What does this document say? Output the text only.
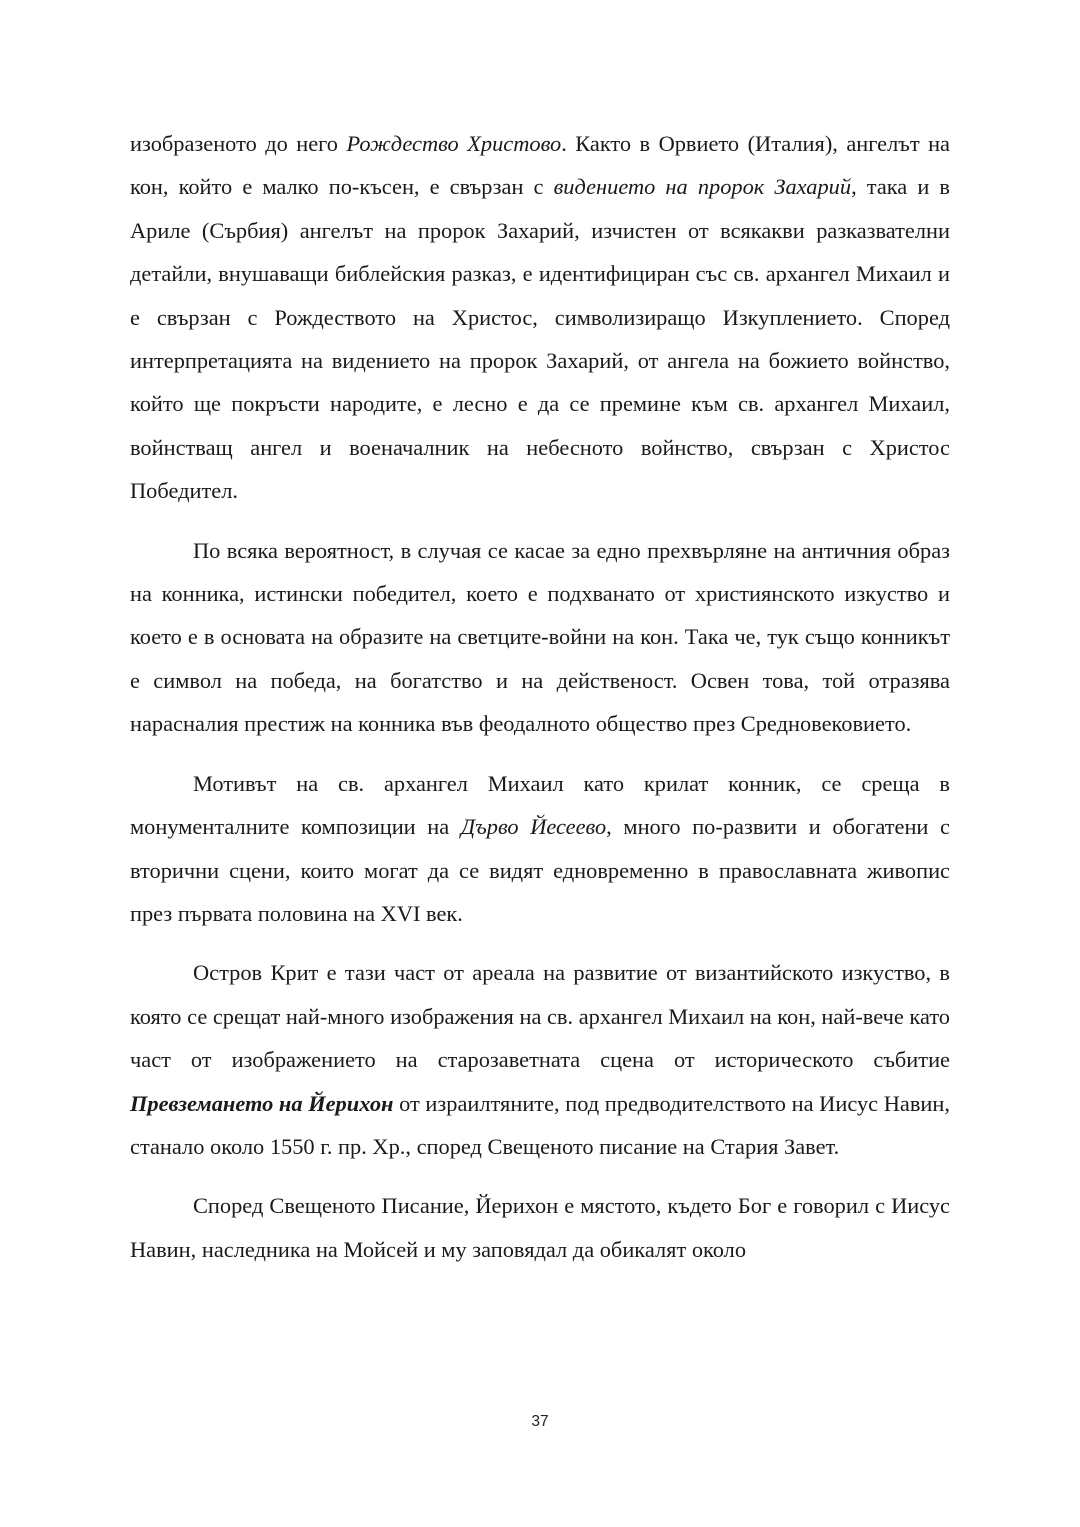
изобразеното до него Рождество Христово. Както в Орвието (Италия), ангелът на кон, който е малко по-късен, е свързан с видението на пророк Захарий, така и в Ариле (Сърбия) ангелът на пророк Захарий, изчистен от всякакви разказвателни детайли, внушаващи библейския разказ, е идентифициран със св. архангел Михаил и е свързан с Рождеството на Христос, символизиращо Изкуплението. Според интерпретацията на видението на пророк Захарий, от ангела на божието войнство, който ще покръсти народите, е лесно е да се премине към св. архангел Михаил, войнстващ ангел и военачалник на небесното войнство, свързан с Христос Победител.

По всяка вероятност, в случая се касае за едно прехвърляне на античния образ на конника, истински победител, което е подхванато от християнското изкуство и което е в основата на образите на светците-войни на кон. Така че, тук също конникът е символ на победа, на богатство и на действеност. Освен това, той отразява нарасналия престиж на конника във феодалното общество през Средновековието.

Мотивът на св. архангел Михаил като крилат конник, се среща в монументалните композиции на Дърво Йесеево, много по-развити и обогатени с вторични сцени, които могат да се видят едновременно в православната живопис през първата половина на XVI век.

Остров Крит е тази част от ареала на развитие от византийското изкуство, в която се срещат най-много изображения на св. архангел Михаил на кон, най-вече като част от изображението на старозаветната сцена от историческото събитие Превземането на Йерихон от израилтяните, под предводителството на Иисус Навин, станало около 1550 г. пр. Хр., според Свещеното писание на Стария Завет.

Според Свещеното Писание, Йерихон е мястото, където Бог е говорил с Иисус Навин, наследника на Мойсей и му заповядал да обикалят около

37
